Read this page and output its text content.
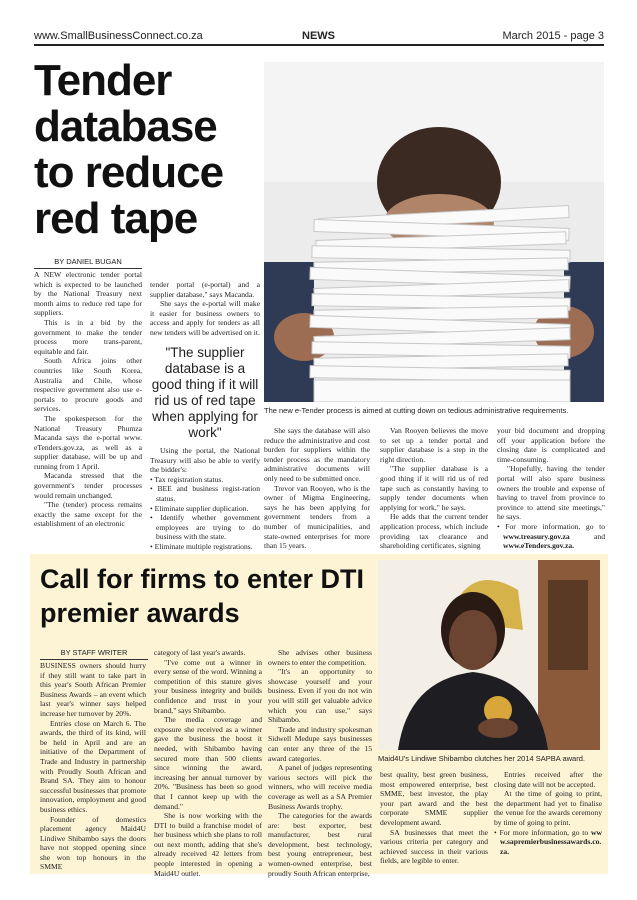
www.SmallBusinessConnect.co.za	NEWS	March 2015 - page 3
Tender database to reduce red tape
The new e-Tender process is aimed at cutting down on tedious administrative requirements.
BY DANIEL BUGAN

A NEW electronic tender portal which is expected to be launched by the National Treasury next month aims to reduce red tape for suppliers.

This is in a bid by the government to make the tender process more trans-parent, equitable and fair.

South Africa joins other countries like South Korea, Australia and Chile, whose respective government also use e-portals to procure goods and services.

The spokesperson for the National Treasury Phumza Macanda says the e-portal www. eTenders.gov.za, as well as a supplier database, will be up and running from 1 April.

Macanda stressed that the government's tender processes would remain unchanged.

"The (tender) process remains exactly the same except for the establishment of an electronic

tender portal (e-portal) and a supplier database," says Macanda.

She says the e-portal will make it easier for business owners to access and apply for tenders as all new tenders will be advertised on it.

"The supplier database is a good thing if it will rid us of red tape when applying for work"

Using the portal, the National Treasury will also be able to verify the bidder's:

• Tax registration status.
• BEE and business regist-ration status.
• Eliminate supplier duplication.
• Identify whether government employees are trying to do business with the state.
• Eliminate multiple registrations.

She says the database will also reduce the administrative and cost burden for suppliers within the tender process as the mandatory administrative documents will only need to be submitted once.

Trevor van Rooyen, who is the owner of Migma Engineering, says he has been applying for government tenders from a number of municipalities, and state-owned enterprises for more than 15 years.

Van Rooyen believes the move to set up a tender portal and supplier database is a step in the right direction.

"The supplier database is a good thing if it will rid us of red tape such as constantly having to supply tender documents when applying for work," he says.

He adds that the current tender application process, which include providing tax clearance and shareholding certificates, signing

your bid document and dropping off your application before the closing date is complicated and time-consuming.

"Hopefully, having the tender portal will also spare business owners the trouble and expense of having to travel from province to province to attend site meetings," he says.

• For more information, go to www.treasury.gov.za	and www.eTenders.gov.za.
Call for firms to enter DTI premier awards
Maid4U's Lindiwe Shibambo clutches her 2014 SAPBA award.
BY STAFF WRITER

BUSINESS owners should hurry if they still want to take part in this year's South African Premier Business Awards – an event which last year's winner says helped increase her turnover by 20%.

Entries close on March 6. The awards, the third of its kind, will be held in April and are an initiative of the Department of Trade and Industry in partnership with Proudly South African and Brand SA. They aim to honour successful businesses that promote innovation, employment and good business ethics.

Founder of domestics placement agency Maid4U Lindiwe Shibambo says the doors have not stopped opening since she won top honours in the SMME

category of last year's awards.

"I've come out a winner in every sense of the word. Winning a competition of this stature gives your business integrity and builds confidence and trust in your brand," says Shibambo.

The media coverage and exposure she received as a winner gave the business the boost it needed, with Shibambo having secured more than 500 clients since winning the award, increasing her annual turnover by 20%. "Business has been so good that I cannot keep up with the demand."

She is now working with the DTI to build a franchise model of her business which she plans to roll out next month, adding that she's already received 42 letters from people interested in opening a Maid4U outlet.

She advises other business owners to enter the competition.

"It's an opportunity to showcase yourself and your business. Even if you do not win you will still get valuable advice which you can use," says Shibambo.

Trade and industry spokesman Sidwell Medupe says businesses can enter any three of the 15 award categories.

A panel of judges representing various sectors will pick the winners, who will receive media coverage as well as a SA Premier Business Awards trophy.

The categories for the awards are: best exporter, best manufacturer, best rural development, best technology, best young entrepreneur, best women-owned enterprise, best proudly South African enterprise,

best quality, best green business, most empowered enterprise, best SMME, best investor, the play your part award and the best corporate SMME supplier development award.

SA businesses that meet the various criteria per category and achieved success in their various fields, are legible to enter.

Entries received after the closing date will not be accepted.

At the time of going to print, the department had yet to finalise the venue for the awards ceremony by time of going to print.

• For more information, go to www.sapremierbusinessawards.co.za.
